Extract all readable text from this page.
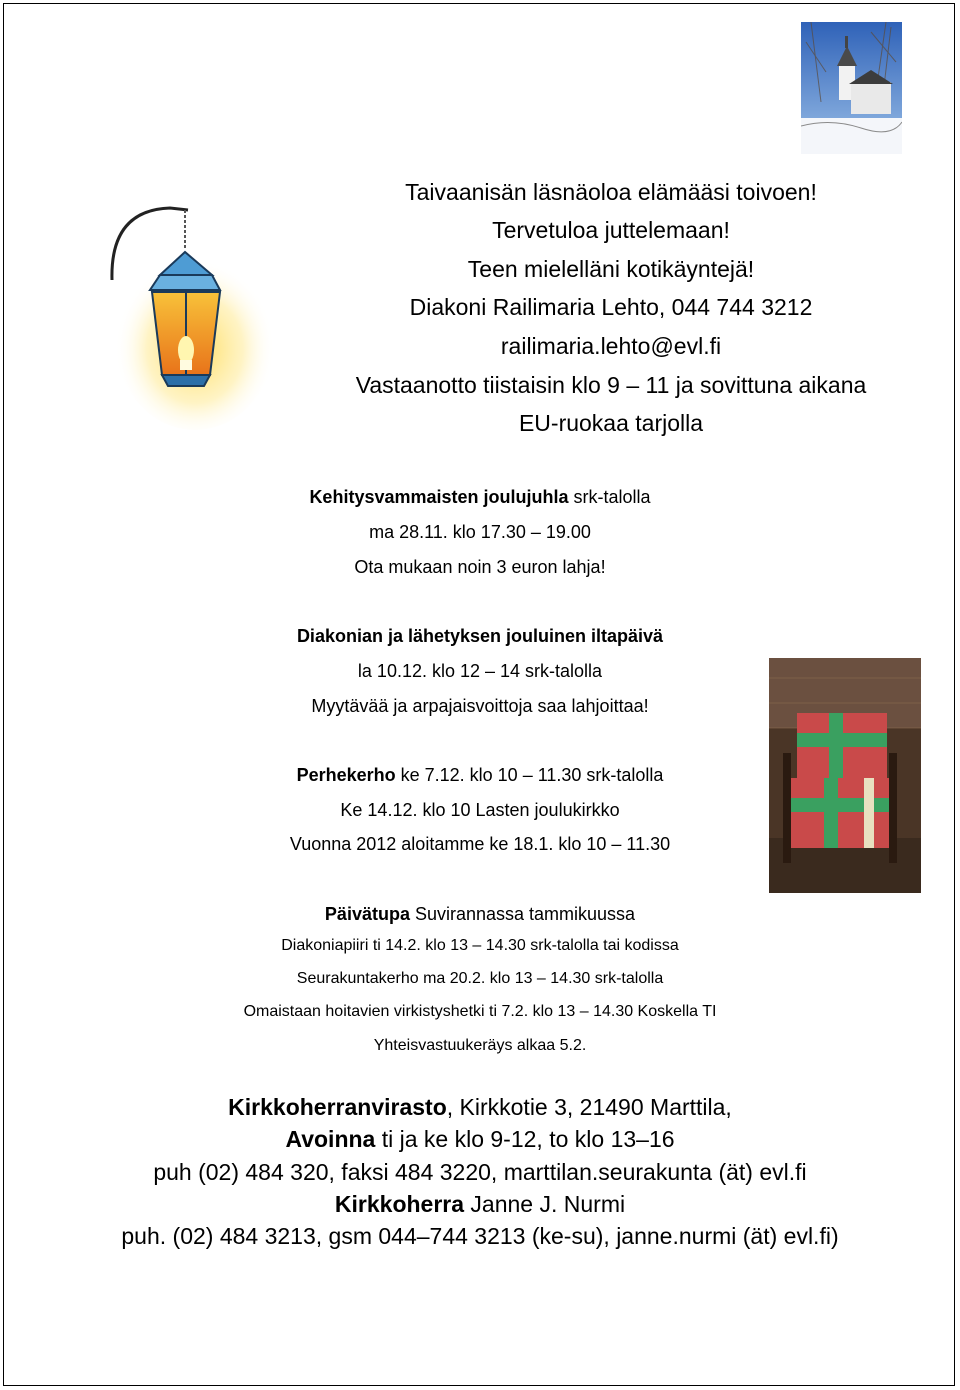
Taivaanisän läsnäoloa elämääsi toivoen!
Tervetuloa juttelemaan!
Teen mielelläni kotikäyntejä!
Diakoni Railimaria Lehto, 044 744 3212
railimaria.lehto@evl.fi
Vastaanotto tiistaisin klo 9 – 11 ja sovittuna aikana
EU-ruokaa tarjolla
Kehitysvammaisten joulujuhla srk-talolla
ma 28.11. klo 17.30 – 19.00
Ota mukaan noin 3 euron lahja!
Diakonian ja lähetyksen jouluinen iltapäivä
la 10.12. klo 12 – 14 srk-talolla
Myytävää ja arpajaisvoittoja saa lahjoittaa!
Perhekerho ke 7.12. klo 10 – 11.30 srk-talolla
Ke 14.12. klo 10 Lasten joulukirkko
Vuonna 2012 aloitamme ke 18.1. klo 10 – 11.30
Päivätupa Suvirannassa tammikuussa
Diakoniapiiri ti 14.2. klo 13 – 14.30 srk-talolla tai kodissa
Seurakuntakerho ma 20.2. klo 13 – 14.30 srk-talolla
Omaistaan hoitavien virkistyshetki ti 7.2. klo 13 – 14.30 Koskella TI
Yhteisvastuukeräys alkaa 5.2.
Kirkkoherranvirasto, Kirkkotie 3, 21490 Marttila,
Avoinna ti ja ke klo 9-12, to klo 13–16
puh (02) 484 320, faksi 484 3220, marttilan.seurakunta (ät) evl.fi
Kirkkoherra Janne J. Nurmi
puh. (02) 484 3213, gsm 044–744 3213 (ke-su), janne.nurmi (ät) evl.fi)
